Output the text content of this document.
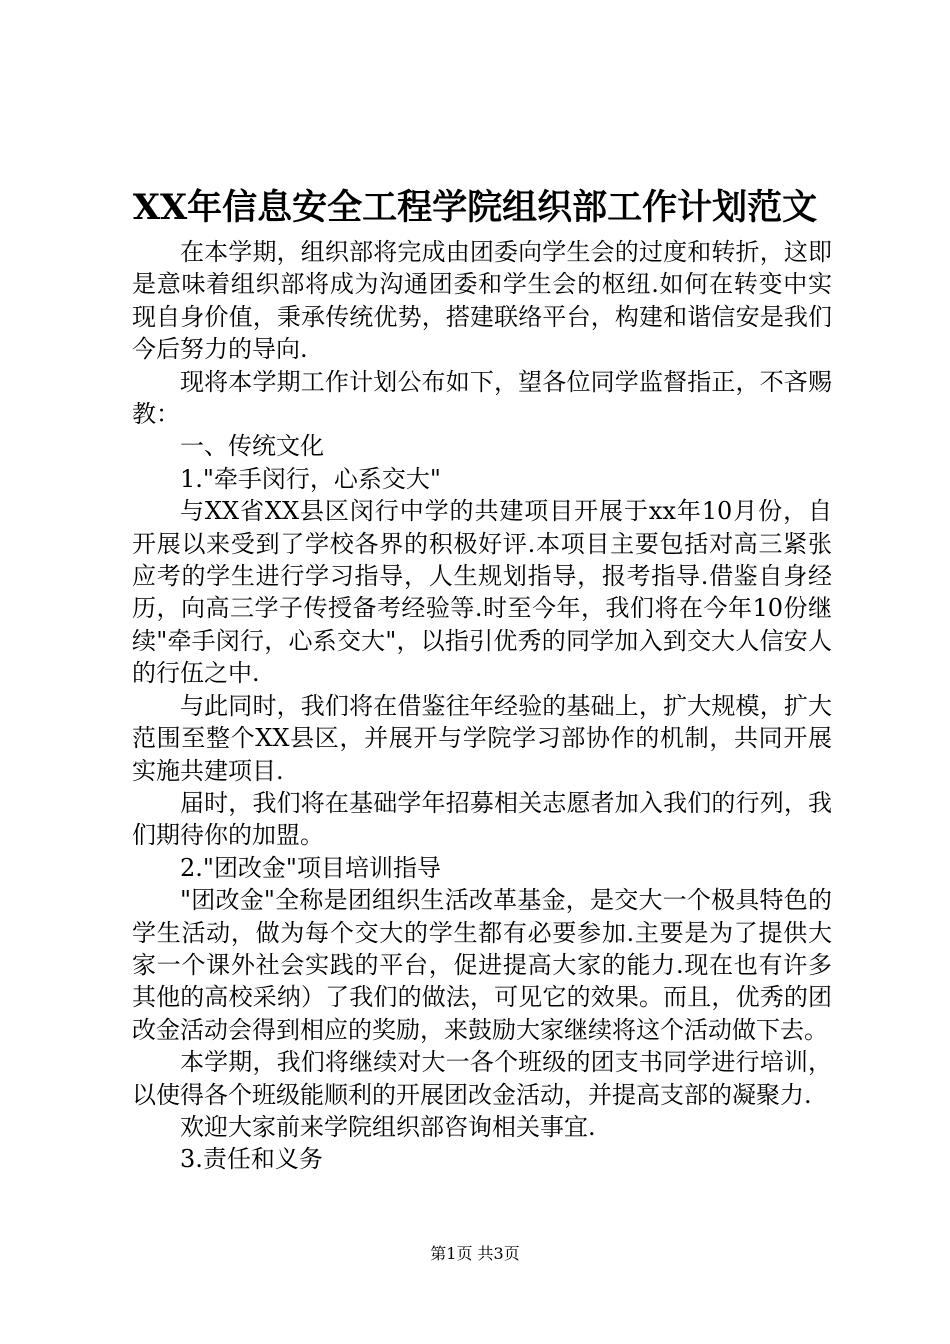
XX年信息安全工程学院组织部工作计划范文

在本学期，组织部将完成由团委向学生会的过度和转折，这即是意味着组织部将成为沟通团委和学生会的枢纽.如何在转变中实现自身价值，秉承传统优势，搭建联络平台，构建和谐信安是我们今后努力的导向.

现将本学期工作计划公布如下，望各位同学监督指正，不吝赐教：

一、传统文化

1."牵手闵行，心系交大"

与XX省XX县区闵行中学的共建项目开展于xx年10月份，自开展以来受到了学校各界的积极好评.本项目主要包括对高三紧张应考的学生进行学习指导，人生规划指导，报考指导.借鉴自身经历，向高三学子传授备考经验等.时至今年，我们将在今年10份继续"牵手闵行，心系交大"，以指引优秀的同学加入到交大人信安人的行伍之中.

与此同时，我们将在借鉴往年经验的基础上，扩大规模，扩大范围至整个XX县区，并展开与学院学习部协作的机制，共同开展实施共建项目.

届时，我们将在基础学年招募相关志愿者加入我们的行列，我们期待你的加盟。

2."团改金"项目培训指导

"团改金"全称是团组织生活改革基金，是交大一个极具特色的学生活动，做为每个交大的学生都有必要参加.主要是为了提供大家一个课外社会实践的平台，促进提高大家的能力.现在也有许多其他的高校采纳）了我们的做法，可见它的效果。而且，优秀的团改金活动会得到相应的奖励，来鼓励大家继续将这个活动做下去。

本学期，我们将继续对大一各个班级的团支书同学进行培训，以使得各个班级能顺利的开展团改金活动，并提高支部的凝聚力.

欢迎大家前来学院组织部咨询相关事宜.

3.责任和义务

第1页 共3页
